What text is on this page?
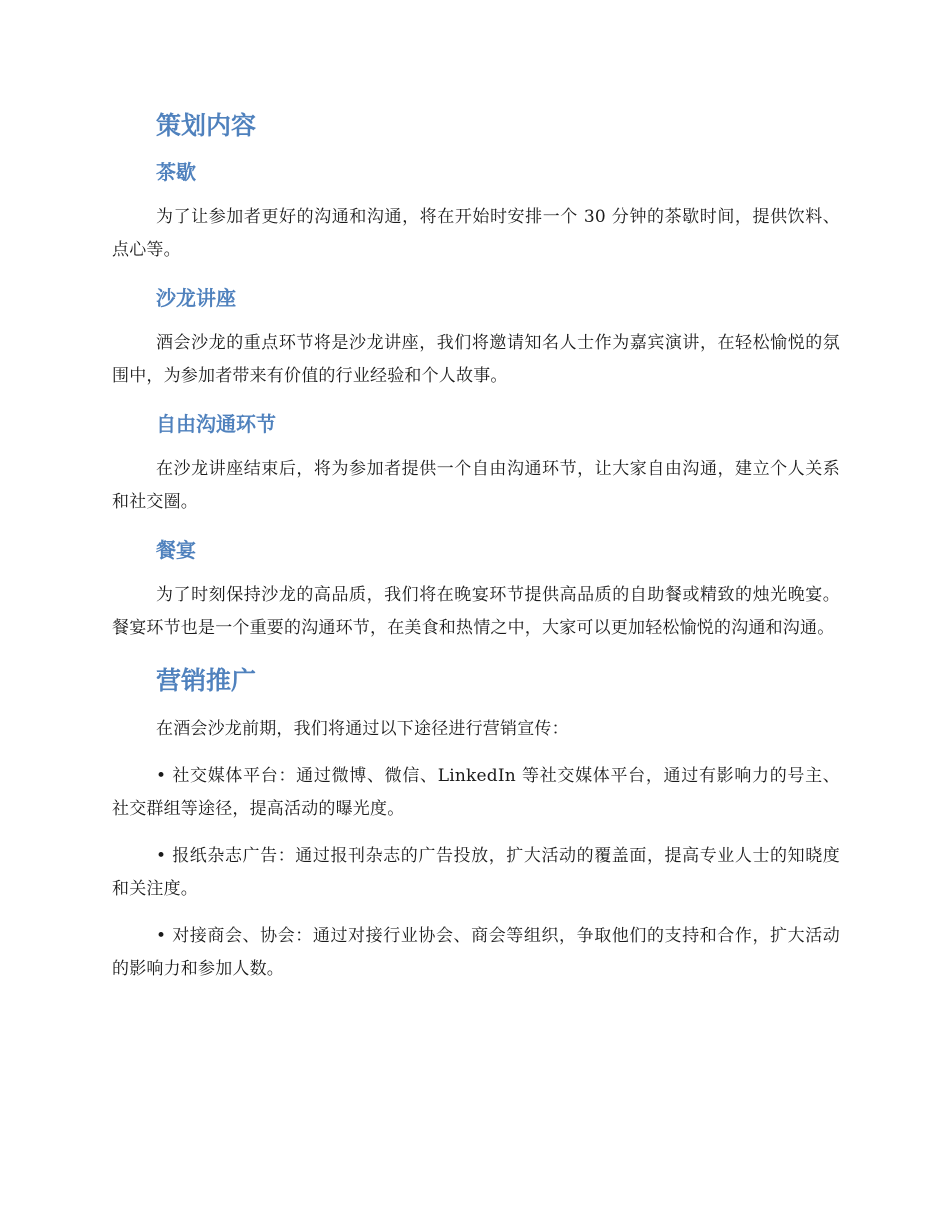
策划内容
茶歇

为了让参加者更好的沟通和沟通，将在开始时安排一个 30 分钟的茶歇时间，提供饮料、点心等。

沙龙讲座

酒会沙龙的重点环节将是沙龙讲座，我们将邀请知名人士作为嘉宾演讲，在轻松愉悦的氛围中，为参加者带来有价值的行业经验和个人故事。

自由沟通环节

在沙龙讲座结束后，将为参加者提供一个自由沟通环节，让大家自由沟通，建立个人关系和社交圈。

餐宴

为了时刻保持沙龙的高品质，我们将在晚宴环节提供高品质的自助餐或精致的烛光晚宴。餐宴环节也是一个重要的沟通环节，在美食和热情之中，大家可以更加轻松愉悦的沟通和沟通。

营销推广

在酒会沙龙前期，我们将通过以下途径进行营销宣传：

• 社交媒体平台：通过微博、微信、LinkedIn 等社交媒体平台，通过有影响力的号主、社交群组等途径，提高活动的曝光度。

• 报纸杂志广告：通过报刊杂志的广告投放，扩大活动的覆盖面，提高专业人士的知晓度和关注度。

• 对接商会、协会：通过对接行业协会、商会等组织，争取他们的支持和合作，扩大活动的影响力和参加人数。
